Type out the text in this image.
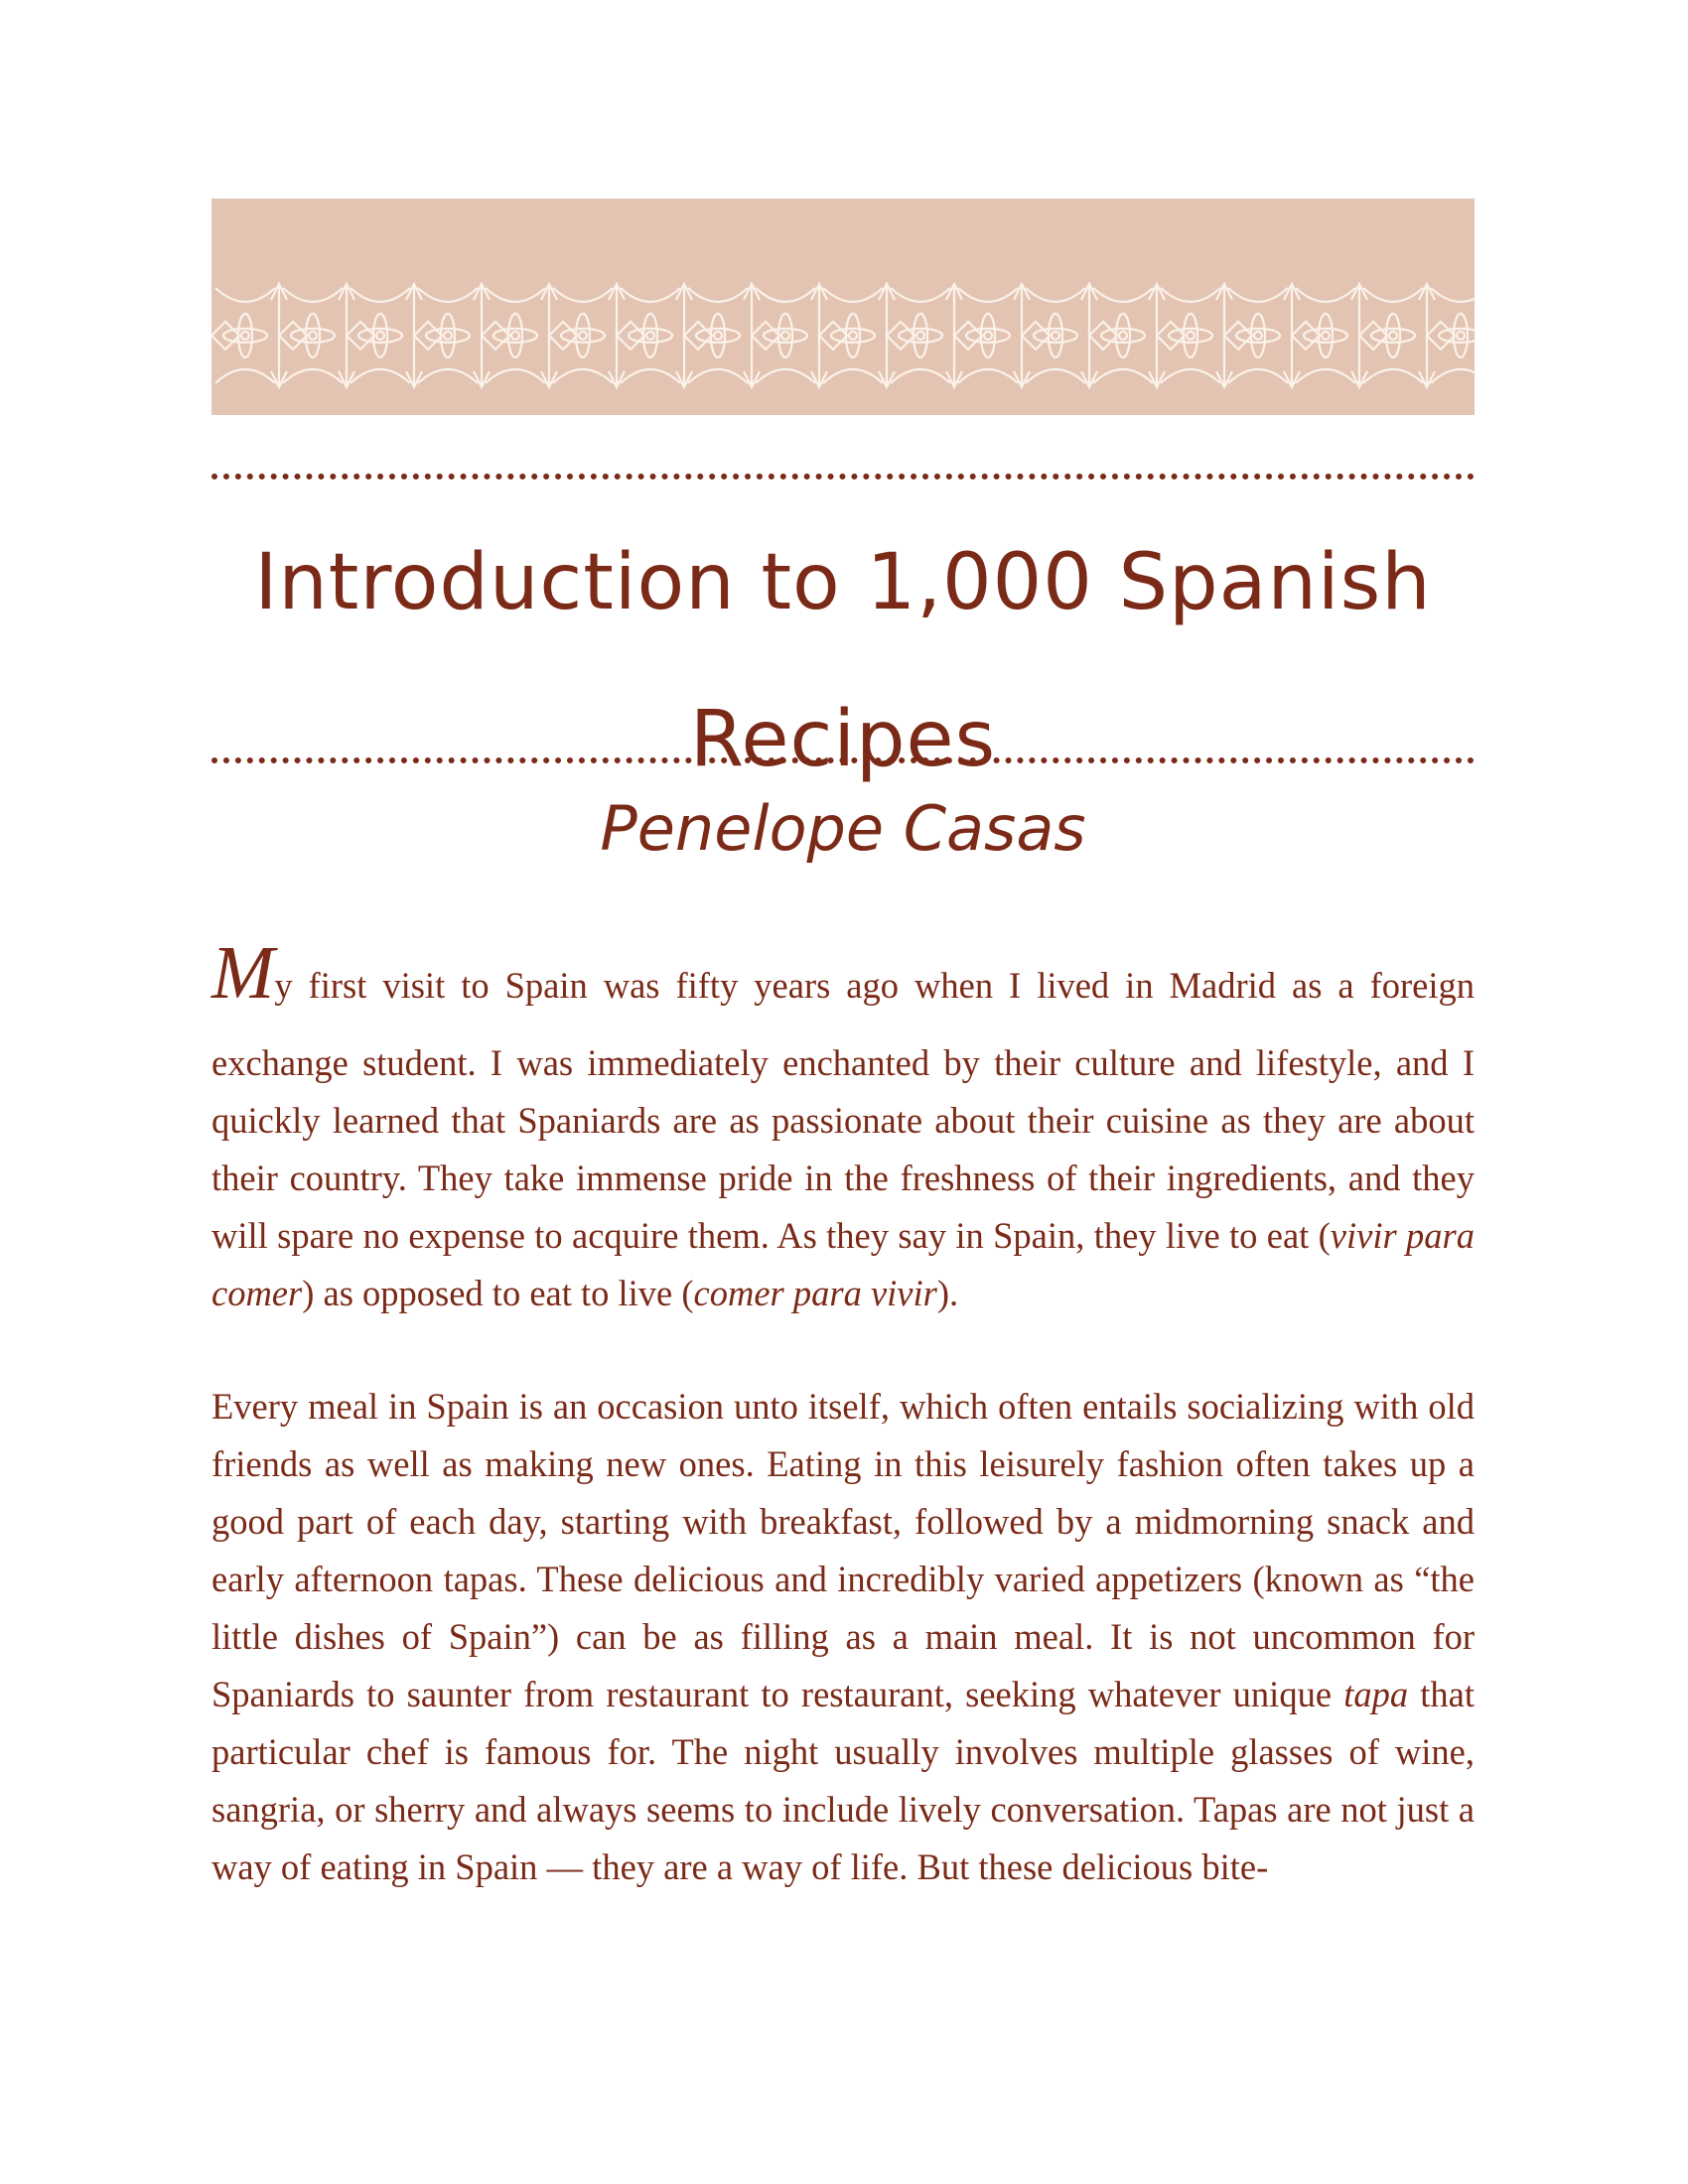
Introduction to 1,000 Spanish Recipes
Penelope Casas

My first visit to Spain was fifty years ago when I lived in Madrid as a foreign
exchange student. I was immediately enchanted by their culture and lifestyle, and I quickly learned that Spaniards are as passionate about their cuisine as they are about their country. They take immense pride in the freshness of their ingredients, and they will spare no expense to acquire them. As they say in Spain, they live to eat (vivir para comer) as opposed to eat to live (comer para vivir).

Every meal in Spain is an occasion unto itself, which often entails socializing with old friends as well as making new ones. Eating in this leisurely fashion often takes up a good part of each day, starting with breakfast, followed by a midmorning snack and early afternoon tapas. These delicious and incredibly varied appetizers (known as “the little dishes of Spain”) can be as filling as a main meal. It is not uncommon for Spaniards to saunter from restaurant to restaurant, seeking whatever unique tapa that particular chef is famous for. The night usually involves multiple glasses of wine, sangria, or sherry and always seems to include lively conversation. Tapas are not just a way of eating in Spain — they are a way of life. But these delicious bite-
